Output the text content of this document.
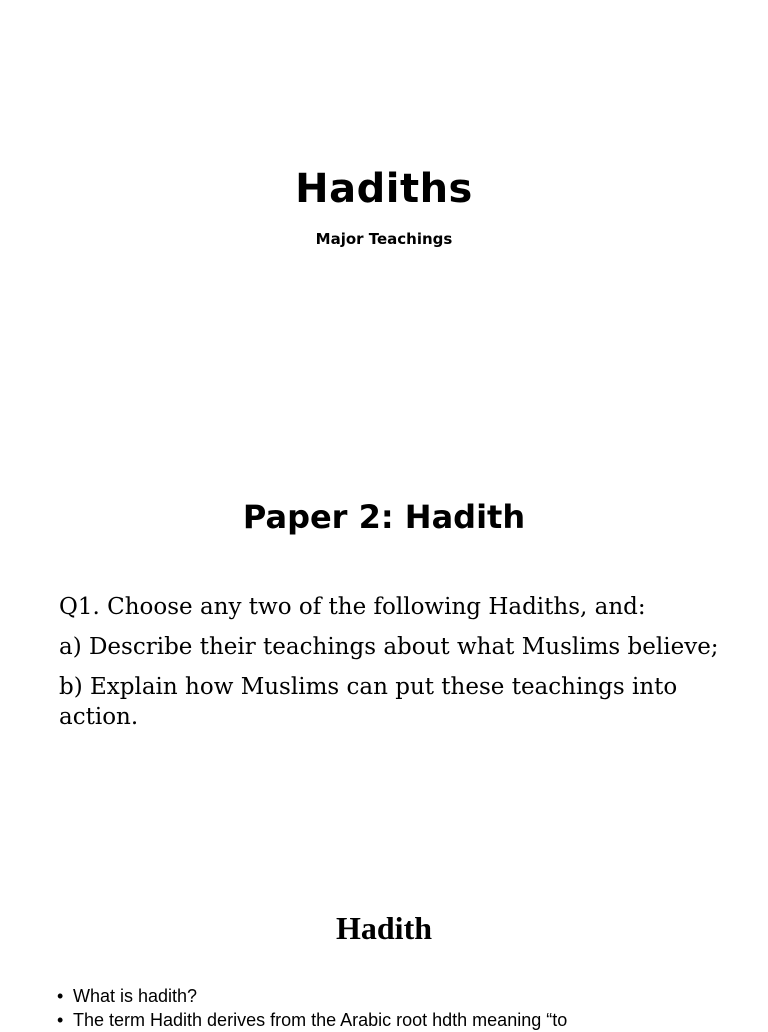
Hadiths

Major Teachings

Paper 2: Hadith

Q1. Choose any two of the following Hadiths, and:

a) Describe their teachings about what Muslims believe;

b) Explain how Muslims can put these teachings into action.

Hadith
• What is hadith?
• The term Hadith derives from the Arabic root hdth meaning “to
